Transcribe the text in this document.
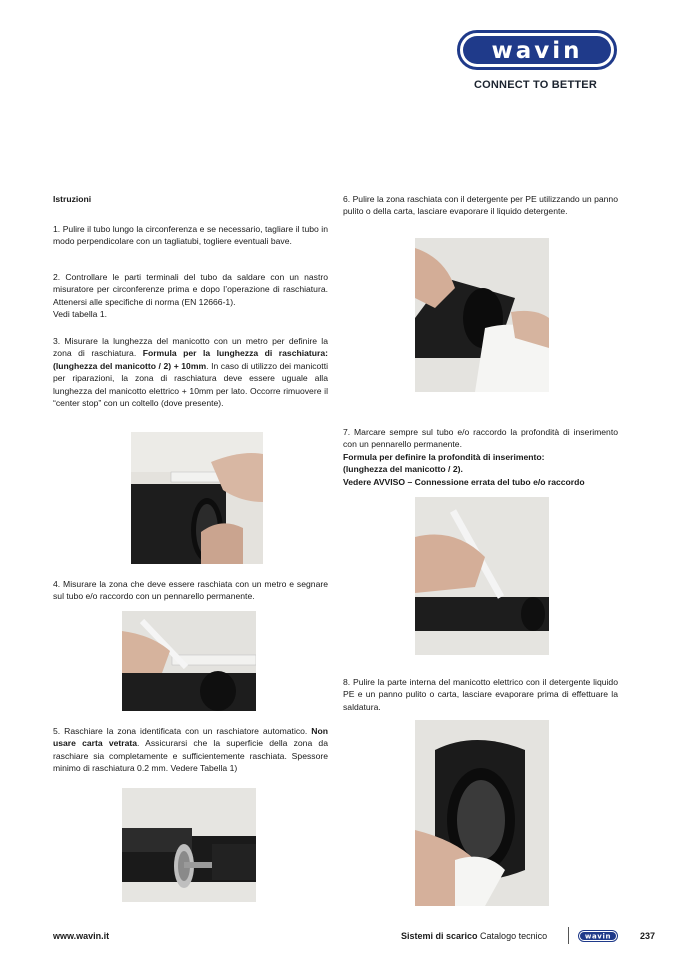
wavin
CONNECT TO BETTER
Istruzioni
1. Pulire il tubo lungo la circonferenza e se necessario, tagliare il tubo in modo perpendicolare con un tagliatubi, togliere eventuali bave.
2. Controllare le parti terminali del tubo da saldare con un nastro misuratore per circonferenze prima e dopo l’operazione di raschiatura. Attenersi alle specifiche di norma (EN 12666-1).
Vedi tabella 1.
3. Misurare la lunghezza del manicotto con un metro per definire la zona di raschiatura. Formula per la lunghezza di raschiatura:(lunghezza del manicotto / 2) + 10mm. In caso di utilizzo dei manicotti per riparazioni, la zona di raschiatura deve essere uguale alla lunghezza del manicotto elettrico + 10mm per lato. Occorre rimuovere il “center stop” con un coltello (dove presente).
4. Misurare la zona che deve essere raschiata con un metro e segnare sul tubo e/o raccordo con un pennarello permanente.
5. Raschiare la zona identificata con un raschiatore automatico. Non usare carta vetrata. Assicurarsi che la superficie della zona da raschiare sia completamente e sufficientemente raschiata. Spessore minimo di raschiatura 0.2 mm. Vedere Tabella 1)
6. Pulire la zona raschiata con il detergente per PE utilizzando un panno pulito o della carta, lasciare evaporare il liquido detergente.
7. Marcare sempre sul tubo e/o raccordo la profondità di inserimento con un pennarello permanente.
Formula per definire la profondità di inserimento:
(lunghezza del manicotto / 2).
Vedere AVVISO – Connessione errata del tubo e/o raccordo
8. Pulire la parte interna del manicotto elettrico con il detergente liquido PE e un panno pulito o carta, lasciare evaporare prima di effettuare la saldatura.
www.wavin.it	Sistemi di scarico Catalogo tecnico	wavin	237
